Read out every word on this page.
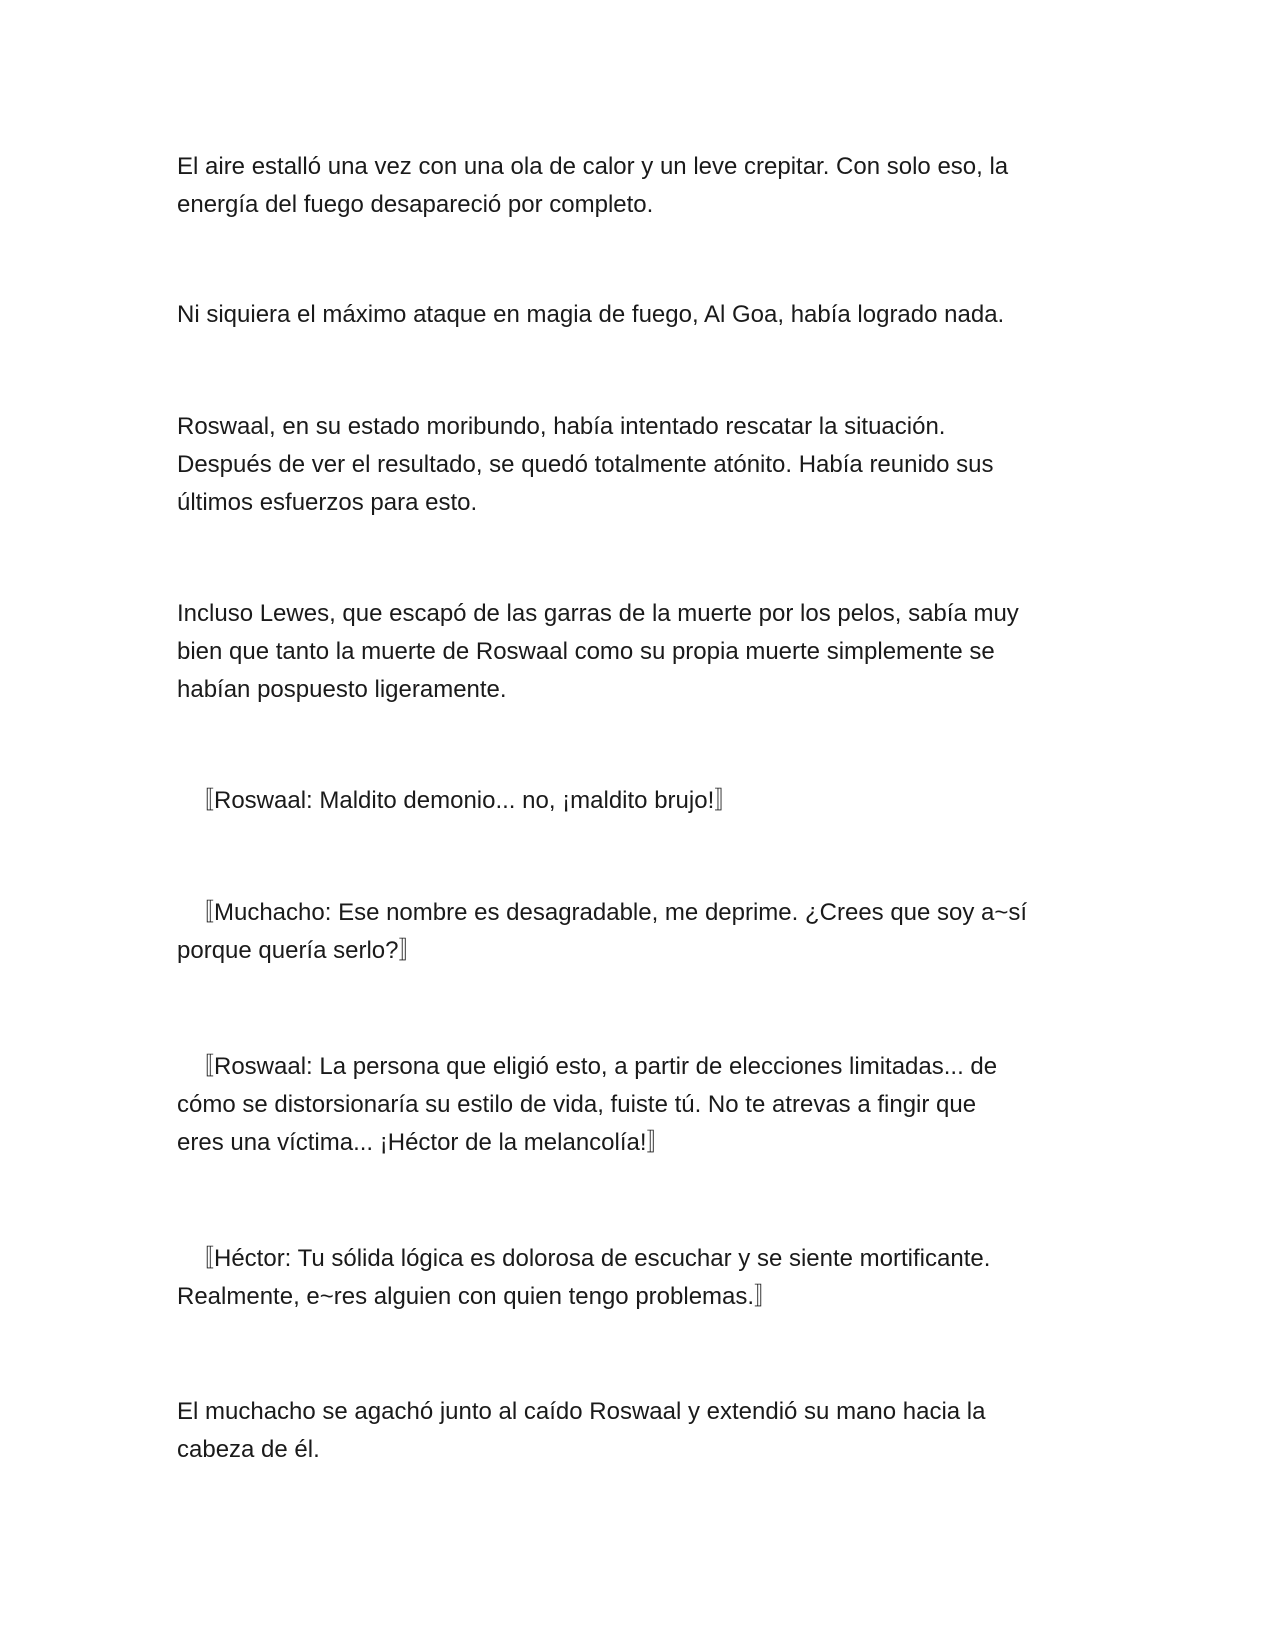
El aire estalló una vez con una ola de calor y un leve crepitar. Con solo eso, la
energía del fuego desapareció por completo.

Ni siquiera el máximo ataque en magia de fuego, Al Goa, había logrado nada.

Roswaal, en su estado moribundo, había intentado rescatar la situación.
Después de ver el resultado, se quedó totalmente atónito. Había reunido sus
últimos esfuerzos para esto.

Incluso Lewes, que escapó de las garras de la muerte por los pelos, sabía muy
bien que tanto la muerte de Roswaal como su propia muerte simplemente se
habían pospuesto ligeramente.

〚Roswaal: Maldito demonio... no, ¡maldito brujo!〛

〚Muchacho: Ese nombre es desagradable, me deprime. ¿Crees que soy a~sí
porque quería serlo?〛

〚Roswaal: La persona que eligió esto, a partir de elecciones limitadas... de
cómo se distorsionaría su estilo de vida, fuiste tú. No te atrevas a fingir que
eres una víctima... ¡Héctor de la melancolía!〛

〚Héctor: Tu sólida lógica es dolorosa de escuchar y se siente mortificante.
Realmente, e~res alguien con quien tengo problemas.〛

El muchacho se agachó junto al caído Roswaal y extendió su mano hacia la
cabeza de él.
